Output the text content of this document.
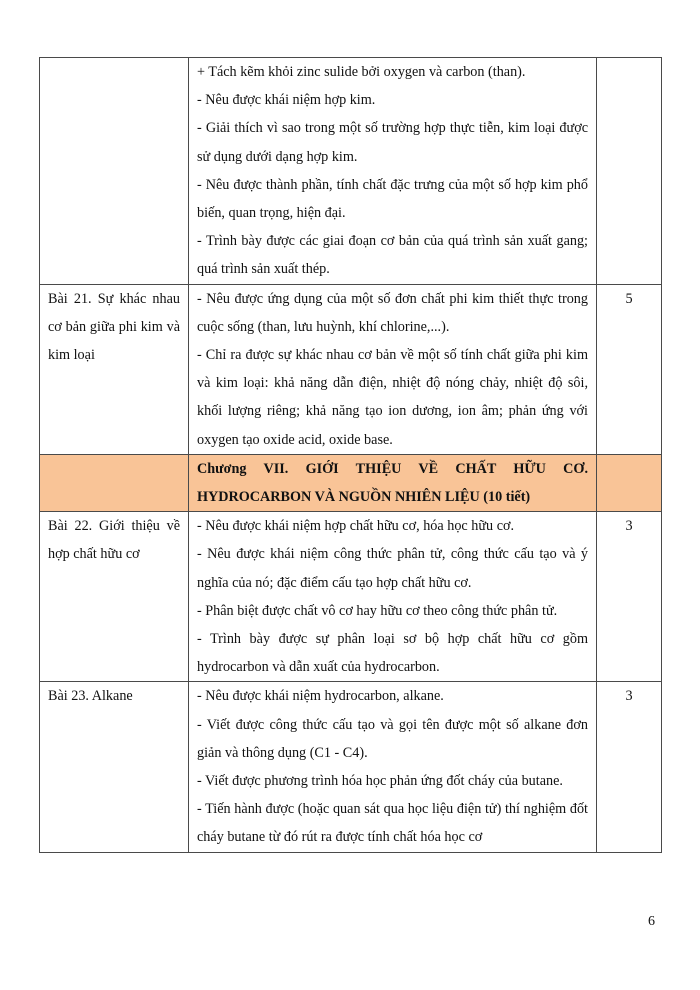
	+ Tách kẽm khỏi zinc sulide bởi oxygen và carbon (than).
- Nêu được khái niệm hợp kim.
- Giải thích vì sao trong một số trường hợp thực tiễn, kim loại được sử dụng dưới dạng hợp kim.
- Nêu được thành phần, tính chất đặc trưng của một số hợp kim phổ biến, quan trọng, hiện đại.
- Trình bày được các giai đoạn cơ bản của quá trình sản xuất gang; quá trình sản xuất thép.	

Bài 21. Sự khác nhau cơ bản giữa phi kim và kim loại	- Nêu được ứng dụng của một số đơn chất phi kim thiết thực trong cuộc sống (than, lưu huỳnh, khí chlorine,...).
- Chỉ ra được sự khác nhau cơ bản về một số tính chất giữa phi kim và kim loại: khả năng dẫn điện, nhiệt độ nóng chảy, nhiệt độ sôi, khối lượng riêng; khả năng tạo ion dương, ion âm; phản ứng với oxygen tạo oxide acid, oxide base.	5
	Chương VII. GIỚI THIỆU VỀ CHẤT HỮU CƠ. HYDROCARBON VÀ NGUỒN NHIÊN LIỆU (10 tiết)	
Bài 22. Giới thiệu về hợp chất hữu cơ	- Nêu được khái niệm hợp chất hữu cơ, hóa học hữu cơ.
- Nêu được khái niệm công thức phân tử, công thức cấu tạo và ý nghĩa của nó; đặc điểm cấu tạo hợp chất hữu cơ.
- Phân biệt được chất vô cơ hay hữu cơ theo công thức phân tử.
- Trình bày được sự phân loại sơ bộ hợp chất hữu cơ gồm hydrocarbon và dẫn xuất của hydrocarbon.	3
Bài 23. Alkane	- Nêu được khái niệm hydrocarbon, alkane.
- Viết được công thức cấu tạo và gọi tên được một số alkane đơn giản và thông dụng (C1 - C4).
- Viết được phương trình hóa học phản ứng đốt cháy của butane.
- Tiến hành được (hoặc quan sát qua học liệu điện tử) thí nghiệm đốt cháy butane từ đó rút ra được tính chất hóa học cơ	3
6
